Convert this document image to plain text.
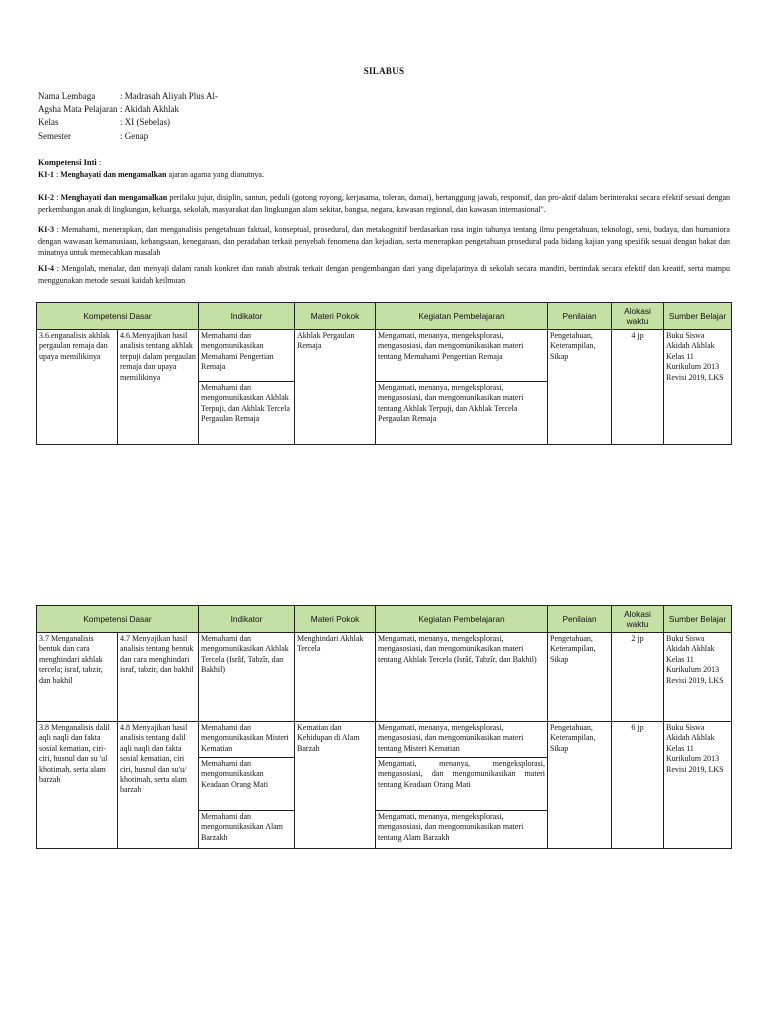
SILABUS
Nama Lembaga	: Madrasah Aliyah Plus Al-
Agsha Mata Pelajaran : Akidah Akhlak
Kelas	: XI (Sebelas)
Semester	: Genap
Kompetensi Inti :
KI-1 : Menghayati dan mengamalkan ajaran agama yang dianutnya.
KI-2 : Menghayati dan mengamalkan perilaku jujur, disiplin, santun, peduli (gotong royong, kerjasama, toleran, damai), bertanggung jawab, responsif, dan pro-aktif dalam berinteraksi secara efektif sesuai dengan perkembangan anak di lingkungan, keluarga, sekolah, masyarakat dan lingkungan alam sekitar, bangsa, negara, kawasan regional, dan kawasan internasional".
KI-3 : Memahami, menerapkan, dan menganalisis pengetahuan faktual, konseptual, prosedural, dan metakognitif berdasarkan rasa ingin tahunya tentang ilmu pengetahuan, teknologi, seni, budaya, dan humaniora dengan wawasan kemanusiaan, kebangsaan, kenegaraan, dan peradaban terkait penyebab fenomena dan kejadian, serta menerapkan pengetahuan prosedural pada bidang kajian yang spesifik sesuai dengan bakat dan minatnya untuk memecahkan masalah
KI-4 : Mengolah, menalar, dan menyaji dalam ranah konkret dan ranah abstrak terkait dengan pengembangan dari yang dipelajarinya di sekolah secara mandiri, bertindak secara efektif dan kreatif, serta mampu menggunakan metode sesuai kaidah keilmuan
Kompetensi Dasar		Indikator	Materi Pokok	Kegiatan Pembelajaran	Penilaian	Alokasi waktu	Sumber Belajar
3.6.enganalisis akhlak pergaulan remaja dan upaya memilikinya	4.6.Menyajikan hasil analisis tentang akhlak terpuji dalam pergaulan remaja dan upaya memilikinya	Memahami dan mengomunikasikan Memahami Pengertian Remaja	Akhlak Pergaulan Remaja	Mengamati, menanya, mengeksplorasi, mengasosiasi, dan mengomunikasikan materi tentang Memahami Pengertian Remaja	Pengetahuan, Keterampilan, Sikap	4 jp	Buku Siswa Akidah Akhlak Kelas 11 Kurikulum 2013 Revisi 2019, LKS
		Memahami dan mengomunikasikan Akhlak Terpuji, dan Akhlak Tercela Pergaulan Remaja		Mengamati, menanya, mengeksplorasi, mengasosiasi, dan mengomunikasikan materi tentang Akhlak Terpuji, dan Akhlak Tercela Pergaulan Remaja			
Kompetensi Dasar		Indikator	Materi Pokok	Kegiatan Pembelajaran	Penilaian	Alokasi waktu	Sumber Belajar
3.7 Menganalisis bentuk dan cara menghindari akhlak tercela; israf, tabzir, dan bakhil	4.7 Menyajikan hasil analisis tentang bentuk dan cara menghindari israf, tabzir, dan bakhil	Memahami dan mengomunikasikan Akhlak Tercela (Isrâf, Tabzîr, dan Bakhil)	Menghindari Akhlak Tercela	Mengamati, menanya, mengeksplorasi, mengasosiasi, dan mengomunikasikan materi tentang Akhlak Tercela (Isrâf, Tabzîr, dan Bakhil)	Pengetahuan, Keterampilan, Sikap	2 jp	Buku Siswa Akidah Akhlak Kelas 11 Kurikulum 2013 Revisi 2019, LKS
3.8 Menganalisis dalil aqli naqli dan fakta sosial kematian, ciri-ciri, husnul dan su 'ul khotimah, serta alam barzah	4.8 Menyajikan hasil analisis tentang dalil aqli naqli dan fakta sosial kematian, ciri ciri, husnul dan su'u/ khotimah, serta alam barzah	Memahami dan mengomunikasikan Misteri Kematian	Kematian dan Kehidupan di Alam Barzah	Mengamati, menanya, mengeksplorasi, mengasosiasi, dan mengomunikasikan materi tentang Misteri Kematian	Pengetahuan, Keterampilan, Sikap	6 jp	Buku Siswa Akidah Akhlak Kelas 11 Kurikulum 2013 Revisi 2019, LKS
		Memahami dan mengomunikasikan Keadaan Orang Mati		Mengamati, menanya, mengeksplorasi, mengasosiasi, dan mengomunikasikan materi tentang Keadaan Orang Mati			
		Memahami dan mengomunikasikan Alam Barzakh		Mengamati, menanya, mengeksplorasi, mengasosiasi, dan mengomunikasikan materi tentang Alam Barzakh			
